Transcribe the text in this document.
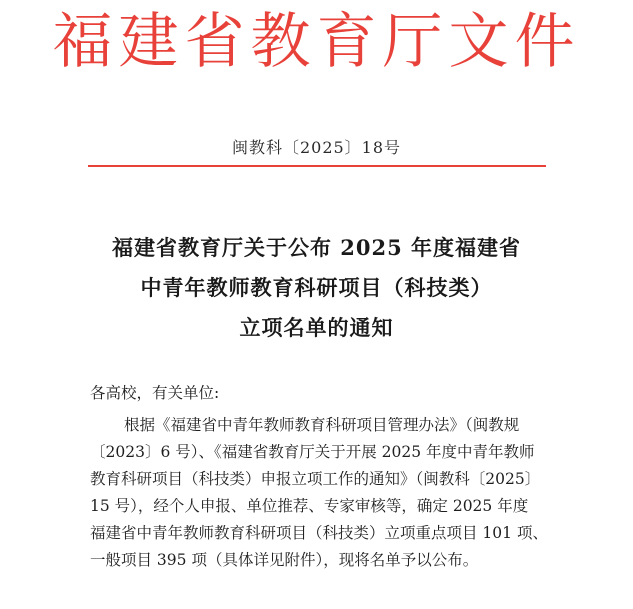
福建省教育厅文件
闽教科〔2025〕18号
福建省教育厅关于公布 2025 年度福建省
中青年教师教育科研项目（科技类）
立项名单的通知
各高校，有关单位:
根据《福建省中青年教师教育科研项目管理办法》（闽教规
〔2023〕6 号）、《福建省教育厅关于开展 2025 年度中青年教师
教育科研项目（科技类）申报立项工作的通知》（闽教科〔2025〕
15 号），经个人申报、单位推荐、专家审核等，确定 2025 年度
福建省中青年教师教育科研项目（科技类）立项重点项目 101 项、
一般项目 395 项（具体详见附件），现将名单予以公布。
